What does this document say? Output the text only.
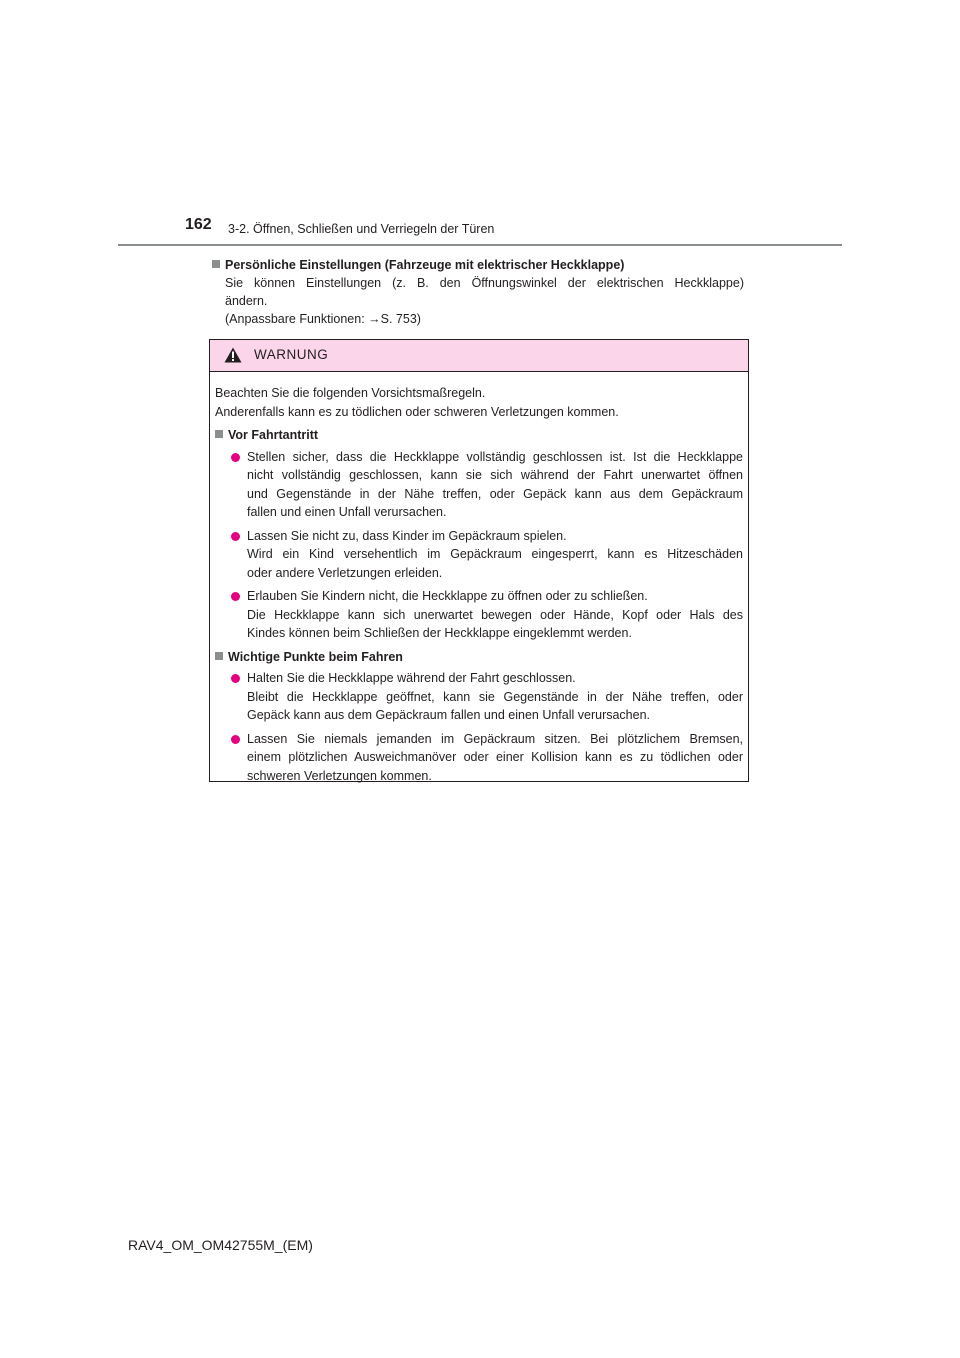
162 3-2. Öffnen, Schließen und Verriegeln der Türen
Persönliche Einstellungen (Fahrzeuge mit elektrischer Heckklappe)
Sie können Einstellungen (z. B. den Öffnungswinkel der elektrischen Heckklappe)
ändern.
(Anpassbare Funktionen: →S. 753)
WARNUNG

Beachten Sie die folgenden Vorsichtsmaßregeln.

Anderenfalls kann es zu tödlichen oder schweren Verletzungen kommen.

Vor Fahrtantritt

Stellen sicher, dass die Heckklappe vollständig geschlossen ist. Ist die Heckklappe
nicht vollständig geschlossen, kann sie sich während der Fahrt unerwartet öffnen
und Gegenstände in der Nähe treffen, oder Gepäck kann aus dem Gepäckraum
fallen und einen Unfall verursachen.
Lassen Sie nicht zu, dass Kinder im Gepäckraum spielen.
Wird ein Kind versehentlich im Gepäckraum eingesperrt, kann es Hitzeschäden
oder andere Verletzungen erleiden.
Erlauben Sie Kindern nicht, die Heckklappe zu öffnen oder zu schließen.
Die Heckklappe kann sich unerwartet bewegen oder Hände, Kopf oder Hals des
Kindes können beim Schließen der Heckklappe eingeklemmt werden.

Wichtige Punkte beim Fahren

Halten Sie die Heckklappe während der Fahrt geschlossen.
Bleibt die Heckklappe geöffnet, kann sie Gegenstände in der Nähe treffen, oder
Gepäck kann aus dem Gepäckraum fallen und einen Unfall verursachen.
Lassen Sie niemals jemanden im Gepäckraum sitzen. Bei plötzlichem Bremsen,
einem plötzlichen Ausweichmanöver oder einer Kollision kann es zu tödlichen oder
schweren Verletzungen kommen.
RAV4_OM_OM42755M_(EM)
